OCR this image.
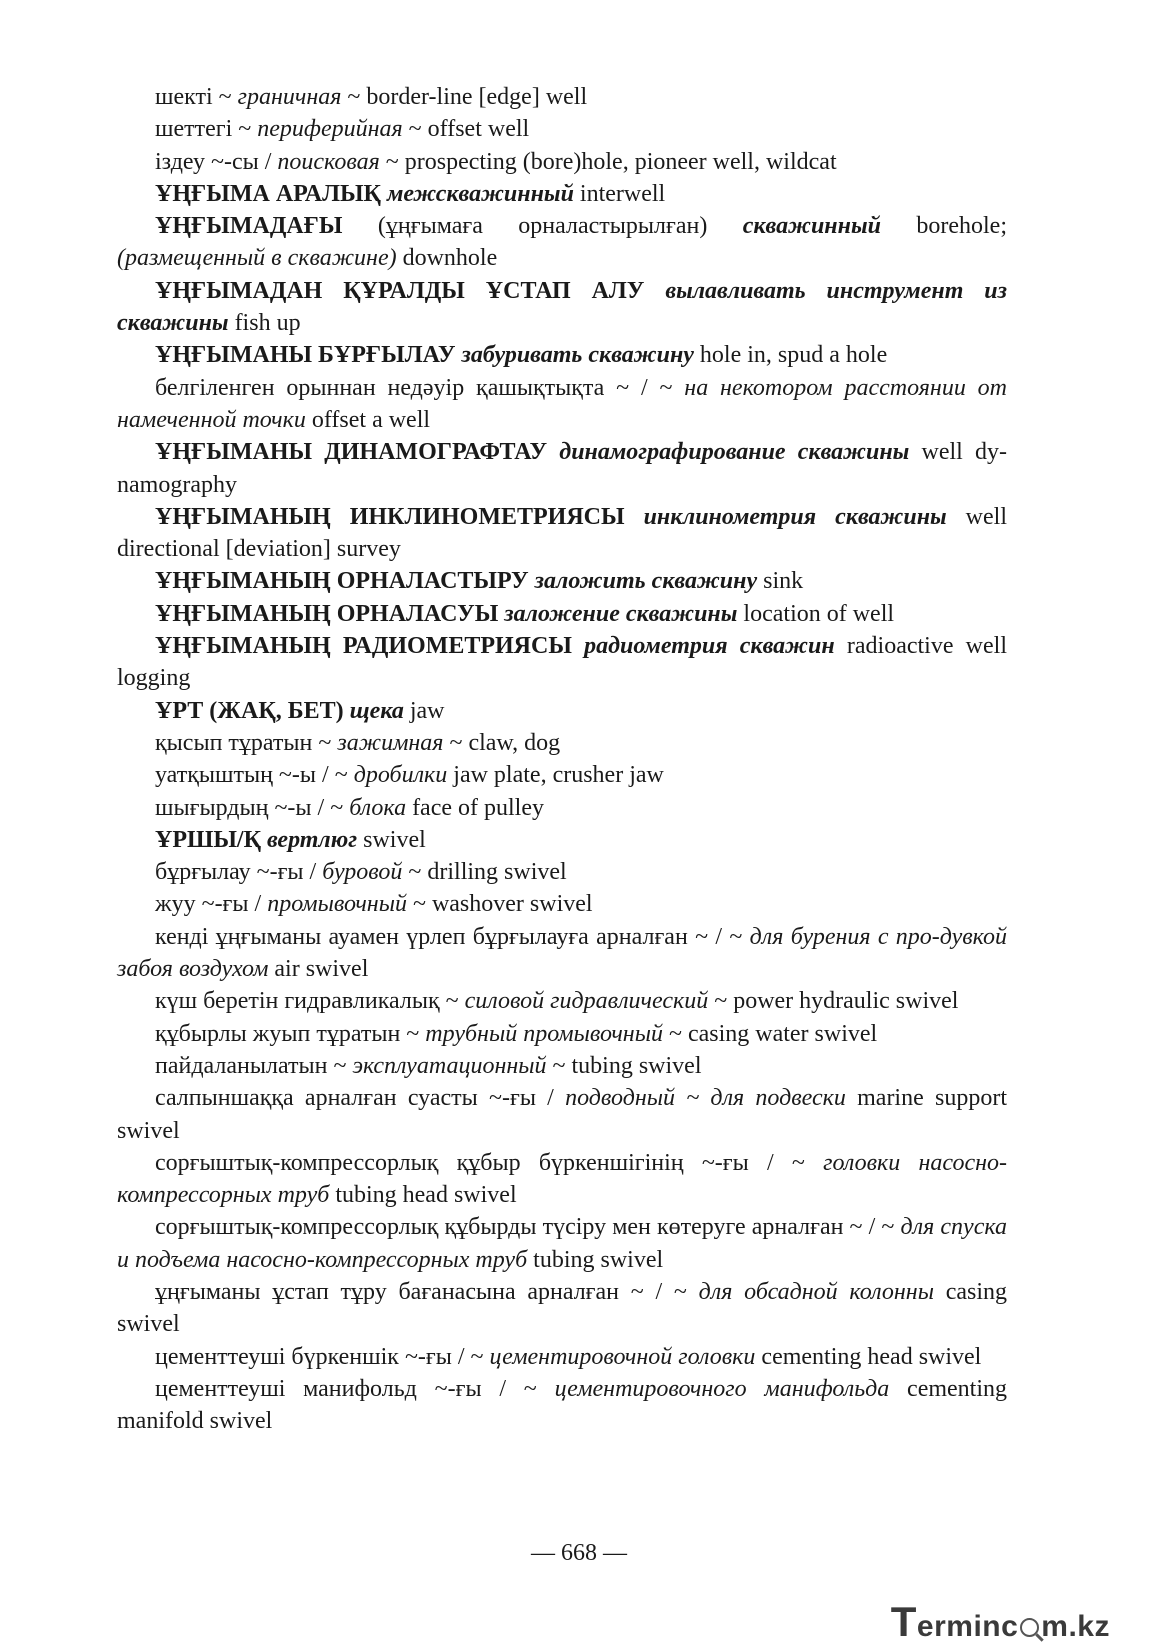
шекті ~ граничная ~ border-line [edge] well
шеттегі ~ периферийная ~ offset well
іздеу ~-сы / поисковая ~ prospecting (bore)hole, pioneer well, wildcat
ҰҢҒЫМА АРАЛЫҚ межскважинный interwell
ҰҢҒЫМАДАҒЫ (ұңғымаға орналастырылған) скважинный borehole; (размещенный в скважине) downhole
ҰҢҒЫМАДАН ҚҰРАЛДЫ ҰСТАП АЛУ вылавливать инструмент из скважины fish up
ҰҢҒЫМАНЫ БҰРҒЫЛАУ забуривать скважину hole in, spud a hole
белгіленген орыннан недәуір қашықтықта ~ / ~ на некотором расстоянии от намеченной точки offset a well
ҰҢҒЫМАНЫ ДИНАМОГРАФТАУ динамографирование скважины well dy-namography
ҰҢҒЫМАНЫҢ ИНКЛИНОМЕТРИЯСЫ инклинометрия скважины well directional [deviation] survey
ҰҢҒЫМАНЫҢ ОРНАЛАСТЫРУ заложить скважину sink
ҰҢҒЫМАНЫҢ ОРНАЛАСУЫ заложение скважины location of well
ҰҢҒЫМАНЫҢ РАДИОМЕТРИЯСЫ радиометрия скважин radioactive well logging
ҰРТ (ЖАҚ, БЕТ) щека jaw
қысып тұратын ~ зажимная ~ claw, dog
уатқыштың ~-ы / ~ дробилки jaw plate, crusher jaw
шығырдың ~-ы / ~ блока face of pulley
ҰРШЫ/Қ вертлюг swivel
бұрғылау ~-ғы / буровой ~ drilling swivel
жуу ~-ғы / промывочный ~ washover swivel
кенді ұңғыманы ауамен үрлеп бұрғылауға арналған ~ / ~ для бурения с про-дувкой забоя воздухом air swivel
күш беретін гидравликалық ~ силовой гидравлический ~ power hydraulic swivel
құбырлы жуып тұратын ~ трубный промывочный ~ casing water swivel
пайдаланылатын ~ эксплуатационный ~ tubing swivel
салпыншаққа арналған суасты ~-ғы / подводный ~ для подвески marine support swivel
сорғыштық-компрессорлық құбыр бүркеншігінің ~-ғы / ~ головки насосно-компрессорных труб tubing head swivel
сорғыштық-компрессорлық құбырды түсіру мен көтеруге арналған ~ / ~ для спуска и подъема насосно-компрессорных труб tubing swivel
ұңғыманы ұстап тұру бағанасына арналған ~ / ~ для обсадной колонны casing swivel
цементтеуші бүркеншік ~-ғы / ~ цементировочной головки cementing head swivel
цементтеуші манифольд ~-ғы / ~ цементировочного манифольда cementing manifold swivel
— 668 —
Terminc m.kz
